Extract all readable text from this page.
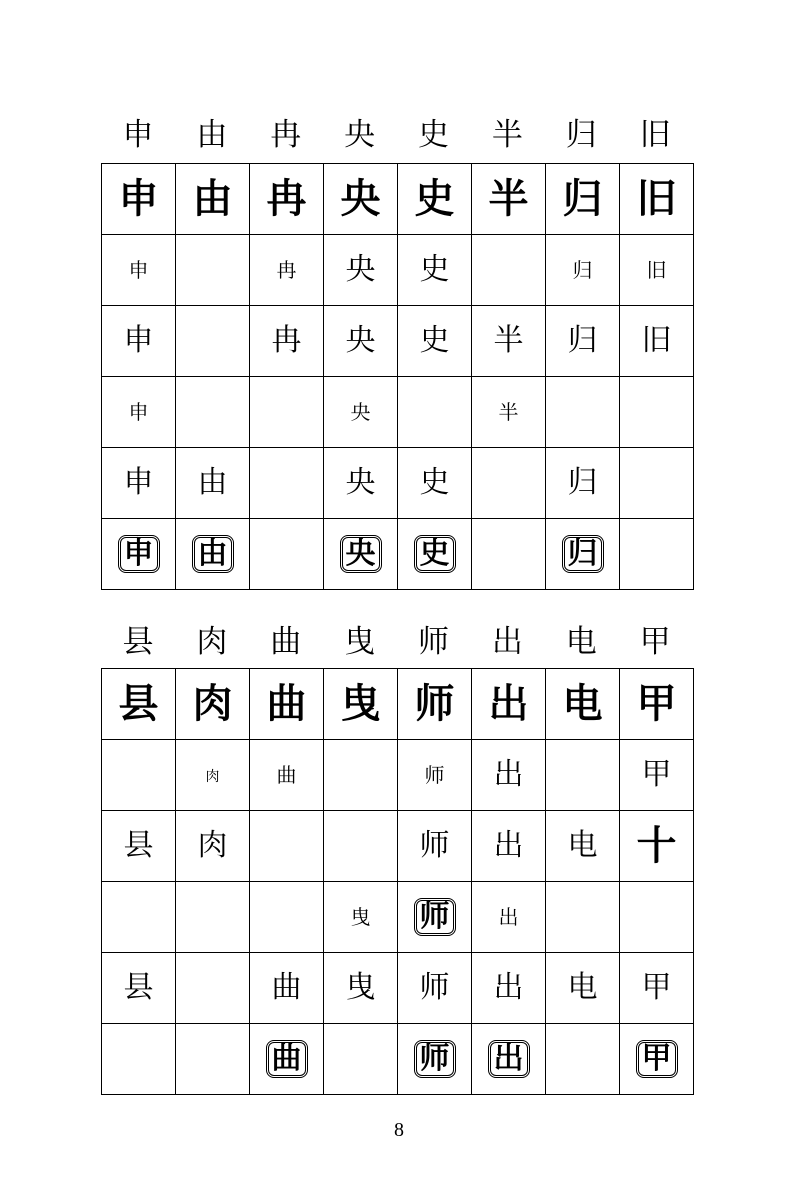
申	由	冉	央	史	半	归	旧
申	由	冉	央	史	半	归	旧
申		冉	央	史		归	旧
申		冉	央	史	半	归	旧
申			央		半		
申	由		央	史		归	
申	由		央	史		归	
县	肉	曲	曳	师	出	电	甲
县	肉	曲	曳	师	出	电	甲
	肉	曲		师	出		甲
县	肉			师	出	电	十
			曳	师	出		
县		曲	曳	师	出	电	甲
		曲		师	出		甲
8
